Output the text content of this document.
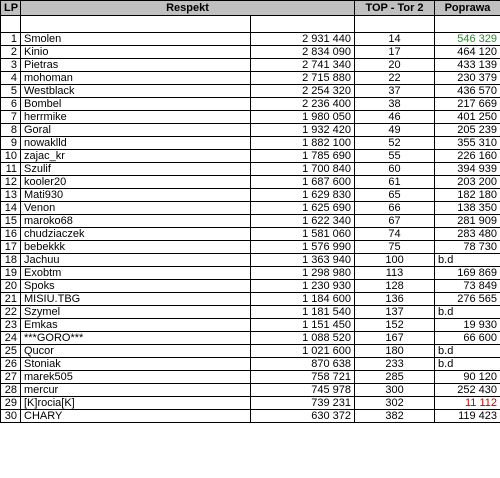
LP	Respekt		TOP - Tor 2	Poprawa

1	Smolen	2 931 440	14	546 329
2	Kinio	2 834 090	17	464 120
3	Pietras	2 741 340	20	433 139
4	mohoman	2 715 880	22	230 379
5	Westblack	2 254 320	37	436 570
6	Bombel	2 236 400	38	217 669
7	herrmike	1 980 050	46	401 250
8	Goral	1 932 420	49	205 239
9	nowaklld	1 882 100	52	355 310
10	zajac_kr	1 785 690	55	226 160
11	Szulif	1 700 840	60	394 939
12	kooler20	1 687 600	61	203 200
13	Mati930	1 629 830	65	182 180
14	Venon	1 625 690	66	138 350
15	maroko68	1 622 340	67	281 909
16	chudziaczek	1 581 060	74	283 480
17	bebekkk	1 576 990	75	78 730
18	Jachuu	1 363 940	100	b.d
19	Exobtm	1 298 980	113	169 869
20	Spoks	1 230 930	128	73 849
21	MISIU.TBG	1 184 600	136	276 565
22	Szymel	1 181 540	137	b.d
23	Emkas	1 151 450	152	19 930
24	***GORO***	1 088 520	167	66 600
25	Qucor	1 021 600	180	b.d
26	Stoniak	870 638	233	b.d
27	marek505	758 721	285	90 120
28	mercur	745 978	300	252 430
29	[K]rocia[K]	739 231	302	11 112
30	CHARY	630 372	382	119 423
